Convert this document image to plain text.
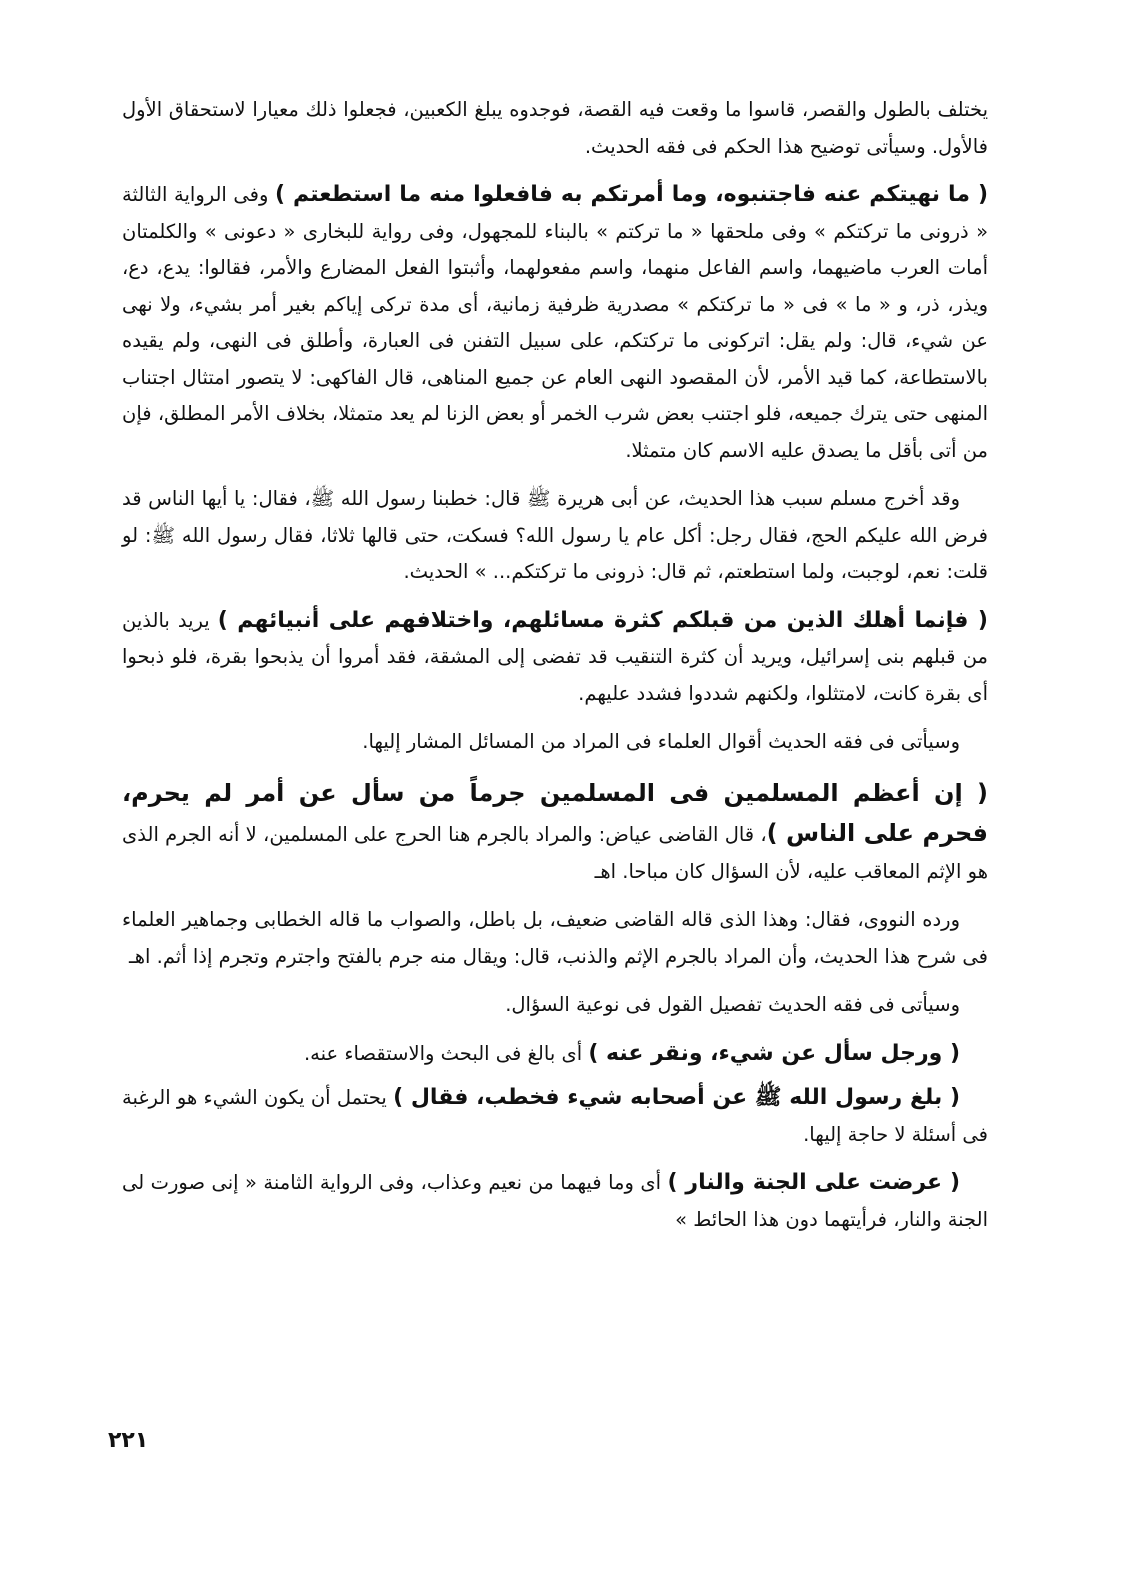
يختلف بالطول والقصر، قاسوا ما وقعت فيه القصة، فوجدوه يبلغ الكعبين، فجعلوا ذلك معيارا لاستحقاق الأول فالأول. وسيأتى توضيح هذا الحكم فى فقه الحديث.
( ما نهيتكم عنه فاجتنبوه، وما أمرتكم به فافعلوا منه ما استطعتم ) وفى الرواية الثالثة « ذرونى ما تركتكم » وفى ملحقها « ما تركتم » بالبناء للمجهول، وفى رواية للبخارى « دعونى » والكلمتان أمات العرب ماضيهما، واسم الفاعل منهما، واسم مفعولهما، وأثبتوا الفعل المضارع والأمر، فقالوا: يدع، دع، ويذر، ذر، و « ما » فى « ما تركتكم » مصدرية ظرفية زمانية، أى مدة تركى إياكم بغير أمر بشيء، ولا نهى عن شيء، قال: ولم يقل: اتركونى ما تركتكم، على سبيل التفنن فى العبارة، وأطلق فى النهى، ولم يقيده بالاستطاعة، كما قيد الأمر، لأن المقصود النهى العام عن جميع المناهى، قال الفاكهى: لا يتصور امتثال اجتناب المنهى حتى يترك جميعه، فلو اجتنب بعض شرب الخمر أو بعض الزنا لم يعد متمثلا، بخلاف الأمر المطلق، فإن من أتى بأقل ما يصدق عليه الاسم كان متمثلا.
وقد أخرج مسلم سبب هذا الحديث، عن أبى هريرة ﷺ قال: خطبنا رسول الله ﷺ، فقال: يا أيها الناس قد فرض الله عليكم الحج، فقال رجل: أكل عام يا رسول الله؟ فسكت، حتى قالها ثلاثا، فقال رسول الله ﷺ: لو قلت: نعم، لوجبت، ولما استطعتم، ثم قال: ذرونى ما تركتكم... » الحديث.
( فإنما أهلك الذين من قبلكم كثرة مسائلهم، واختلافهم على أنبيائهم ) يريد بالذين من قبلهم بنى إسرائيل، ويريد أن كثرة التنقيب قد تفضى إلى المشقة، فقد أمروا أن يذبحوا بقرة، فلو ذبحوا أى بقرة كانت، لامتثلوا، ولكنهم شددوا فشدد عليهم.
وسيأتى فى فقه الحديث أقوال العلماء فى المراد من المسائل المشار إليها.
( إن أعظم المسلمين فى المسلمين جرماً من سأل عن أمر لم يحرم، فحرم على الناس )، قال القاضى عياض: والمراد بالجرم هنا الحرج على المسلمين، لا أنه الجرم الذى هو الإثم المعاقب عليه، لأن السؤال كان مباحا. اهـ
ورده النووى، فقال: وهذا الذى قاله القاضى ضعيف، بل باطل، والصواب ما قاله الخطابى وجماهير العلماء فى شرح هذا الحديث، وأن المراد بالجرم الإثم والذنب، قال: ويقال منه جرم بالفتح واجترم وتجرم إذا أثم. اهـ
وسيأتى فى فقه الحديث تفصيل القول فى نوعية السؤال.
( ورجل سأل عن شيء، ونقر عنه ) أى بالغ فى البحث والاستقصاء عنه.
( بلغ رسول الله ﷺ عن أصحابه شيء فخطب، فقال ) يحتمل أن يكون الشيء هو الرغبة فى أسئلة لا حاجة إليها.
( عرضت على الجنة والنار ) أى وما فيهما من نعيم وعذاب، وفى الرواية الثامنة « إنى صورت لى الجنة والنار، فرأيتهما دون هذا الحائط »
٢٢١
